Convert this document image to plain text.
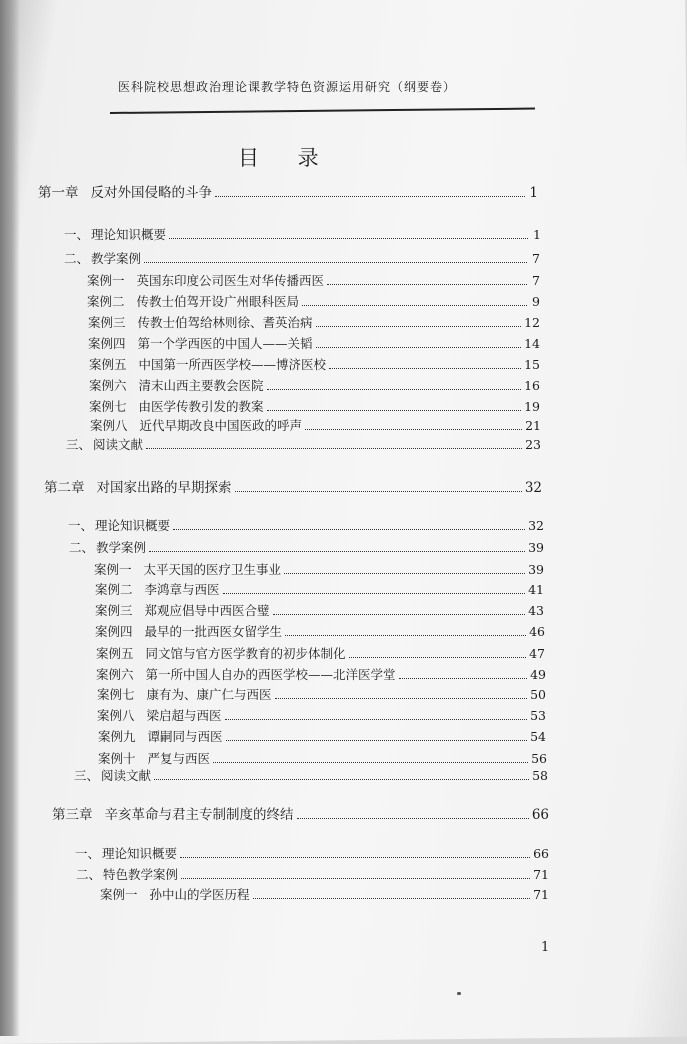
医科院校思想政治理论课教学特色资源运用研究（纲要卷）
目 录
第一章 反对外国侵略的斗争	1
一、 理论知识概要	1
二、 教学案例	7
案例一 英国东印度公司医生对华传播西医	7
案例二 传教士伯驾开设广州眼科医局	9
案例三 传教士伯驾给林则徐、耆英治病	12
案例四 第一个学西医的中国人——关韬	14
案例五 中国第一所西医学校——博济医校	15
案例六 清末山西主要教会医院	16
案例七 由医学传教引发的教案	19
案例八 近代早期改良中国医政的呼声	21
三、 阅读文献	23
第二章 对国家出路的早期探索	32
一、 理论知识概要	32
二、 教学案例	39
案例一 太平天国的医疗卫生事业	39
案例二 李鸿章与西医	41
案例三 郑观应倡导中西医合璧	43
案例四 最早的一批西医女留学生	46
案例五 同文馆与官方医学教育的初步体制化	47
案例六 第一所中国人自办的西医学校——北洋医学堂	49
案例七 康有为、康广仁与西医	50
案例八 梁启超与西医	53
案例九 谭嗣同与西医	54
案例十 严复与西医	56
三、 阅读文献	58
第三章 辛亥革命与君主专制制度的终结	66
一、 理论知识概要	66
二、 特色教学案例	71
案例一 孙中山的学医历程	71
1
